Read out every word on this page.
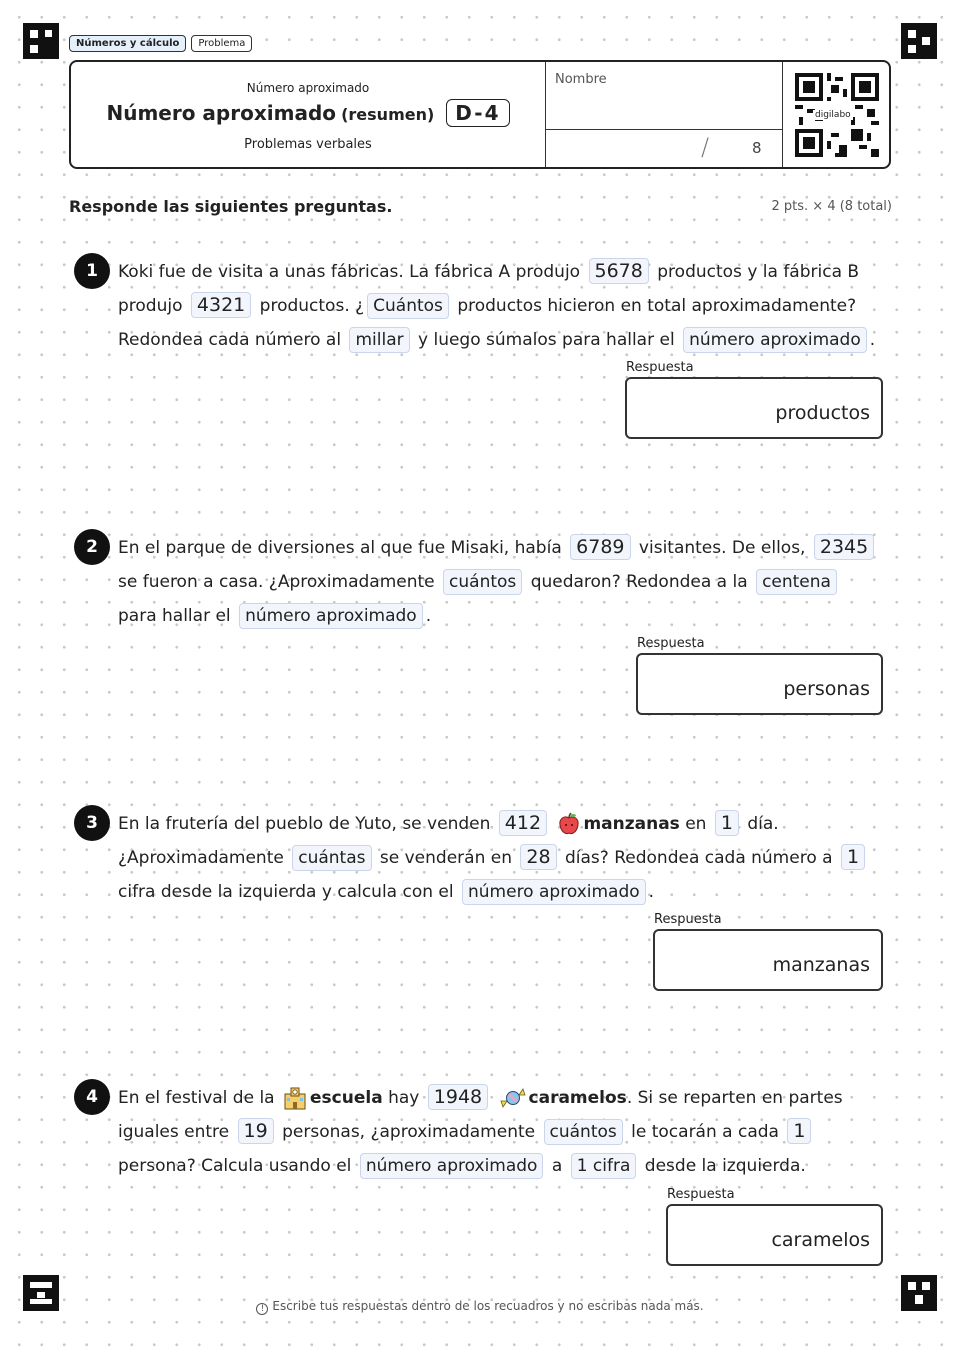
Números y cálculo	Problema
Número aproximado
Número aproximado (resumen)	D-4
Problemas verbales
Nombre
/	8
digilabo
Responde las siguientes preguntas.	2 pts. × 4 (8 total)
1	Koki fue de visita a unas fábricas. La fábrica A produjo 5678 productos y la fábrica B produjo 4321 productos. ¿ Cuántos productos hicieron en total aproximadamente? Redondea cada número al millar y luego súmalos para hallar el número aproximado .
Respuesta
productos
2	En el parque de diversiones al que fue Misaki, había 6789 visitantes. De ellos, 2345 se fueron a casa. ¿Aproximadamente cuántos quedaron? Redondea a la centena para hallar el número aproximado .
Respuesta
personas
3	En la frutería del pueblo de Yuto, se venden 412 manzanas en 1 día. ¿Aproximadamente cuántas se venderán en 28 días? Redondea cada número a 1 cifra desde la izquierda y calcula con el número aproximado .
Respuesta
manzanas
4	En el festival de la escuela hay 1948	caramelos. Si se reparten en partes iguales entre 19 personas, ¿aproximadamente cuántos le tocarán a cada 1 persona? Calcula usando el número aproximado a 1 cifra desde la izquierda.
Respuesta
caramelos
! Escribe tus respuestas dentro de los recuadros y no escribas nada más.
